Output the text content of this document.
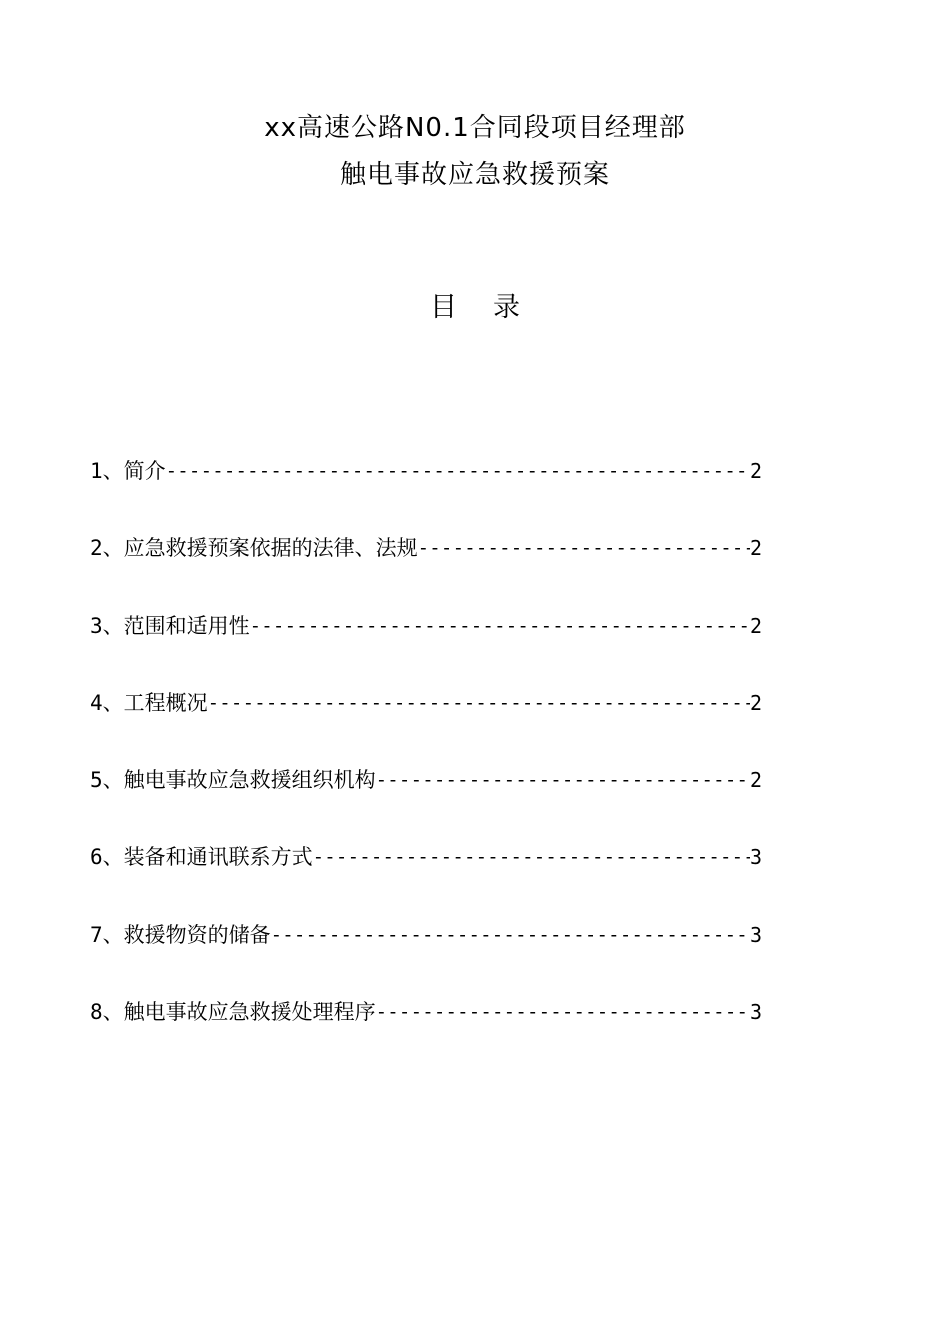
xx高速公路N0.1合同段项目经理部
触电事故应急救援预案
目录
1 、 简介 -----	2
2 、 应急救援预案依据的法律、法规 -----	2
3 、 范围和适用性 -----	2
4 、 工程概况 -----	2
5 、 触电事故应急救援组织机构 -----	2
6 、 装备和通讯联系方式 -----	3
7 、 救援物资的储备 -----	3
8 、 触电事故应急救援处理程序 -----	3
